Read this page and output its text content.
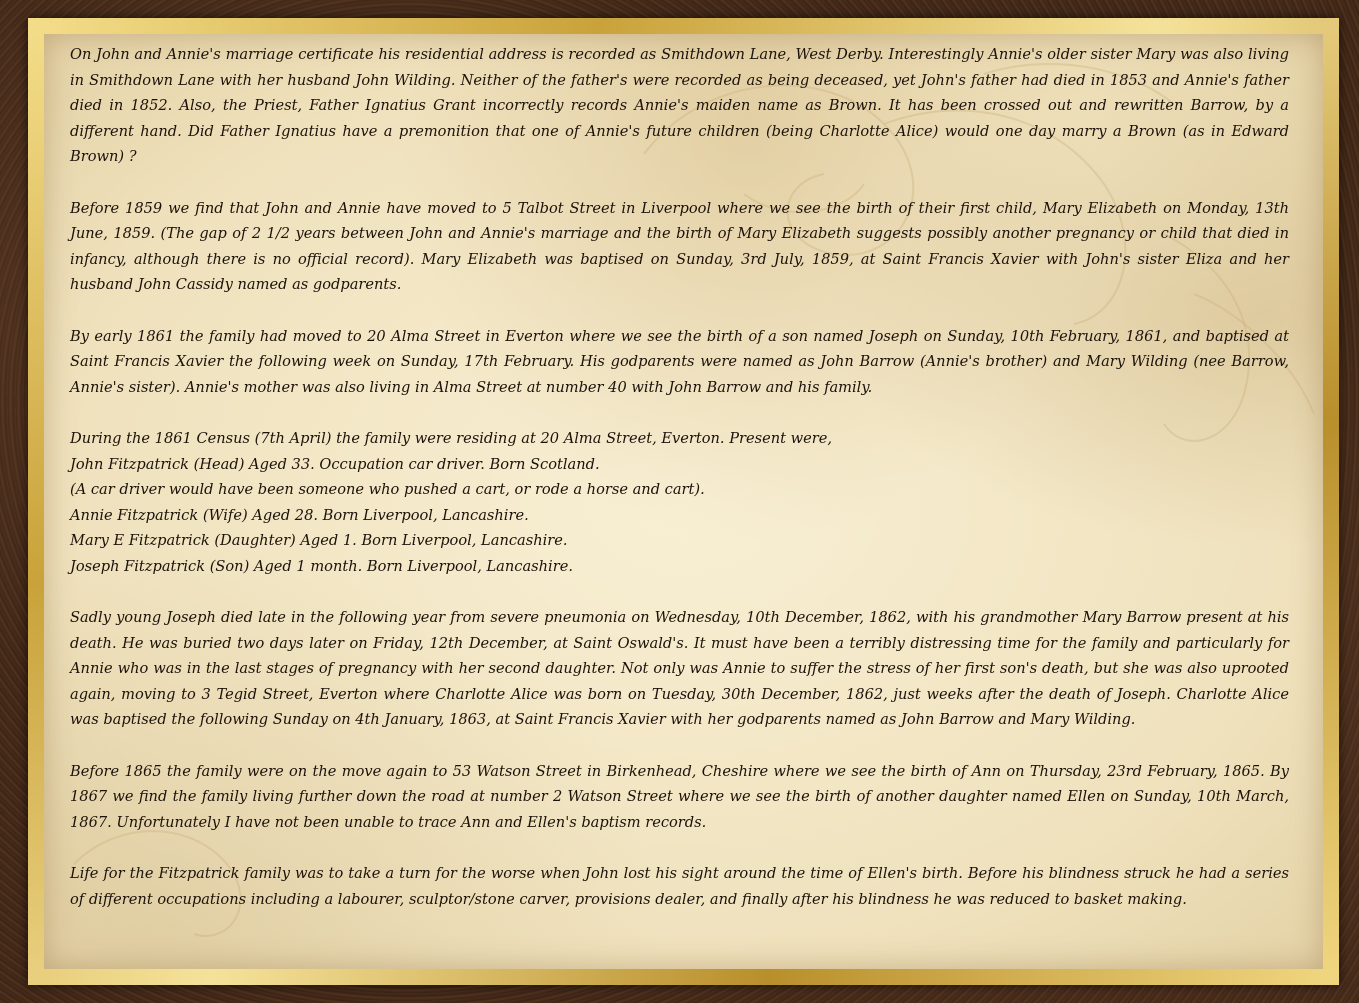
On John and Annie's marriage certificate his residential address is recorded as Smithdown Lane, West Derby. Interestingly Annie's older sister Mary was also living in Smithdown Lane with her husband John Wilding. Neither of the father's were recorded as being deceased, yet John's father had died in 1853 and Annie's father died in 1852. Also, the Priest, Father Ignatius Grant incorrectly records Annie's maiden name as Brown. It has been crossed out and rewritten Barrow, by a different hand. Did Father Ignatius have a premonition that one of Annie's future children (being Charlotte Alice) would one day marry a Brown (as in Edward Brown) ?

Before 1859 we find that John and Annie have moved to 5 Talbot Street in Liverpool where we see the birth of their first child, Mary Elizabeth on Monday, 13th June, 1859. (The gap of 2 1/2 years between John and Annie's marriage and the birth of Mary Elizabeth suggests possibly another pregnancy or child that died in infancy, although there is no official record). Mary Elizabeth was baptised on Sunday, 3rd July, 1859, at Saint Francis Xavier with John's sister Eliza and her husband John Cassidy named as godparents.

By early 1861 the family had moved to 20 Alma Street in Everton where we see the birth of a son named Joseph on Sunday, 10th February, 1861, and baptised at Saint Francis Xavier the following week on Sunday, 17th February. His godparents were named as John Barrow (Annie's brother) and Mary Wilding (nee Barrow, Annie's sister). Annie's mother was also living in Alma Street at number 40 with John Barrow and his family.

During the 1861 Census (7th April) the family were residing at 20 Alma Street, Everton. Present were,
John Fitzpatrick (Head) Aged 33. Occupation car driver. Born Scotland.
(A car driver would have been someone who pushed a cart, or rode a horse and cart).
Annie Fitzpatrick (Wife) Aged 28. Born Liverpool, Lancashire.
Mary E Fitzpatrick (Daughter) Aged 1. Born Liverpool, Lancashire.
Joseph Fitzpatrick (Son) Aged 1 month. Born Liverpool, Lancashire.

Sadly young Joseph died late in the following year from severe pneumonia on Wednesday, 10th December, 1862, with his grandmother Mary Barrow present at his death. He was buried two days later on Friday, 12th December, at Saint Oswald's. It must have been a terribly distressing time for the family and particularly for Annie who was in the last stages of pregnancy with her second daughter. Not only was Annie to suffer the stress of her first son's death, but she was also uprooted again, moving to 3 Tegid Street, Everton where Charlotte Alice was born on Tuesday, 30th December, 1862, just weeks after the death of Joseph. Charlotte Alice was baptised the following Sunday on 4th January, 1863, at Saint Francis Xavier with her godparents named as John Barrow and Mary Wilding.

Before 1865 the family were on the move again to 53 Watson Street in Birkenhead, Cheshire where we see the birth of Ann on Thursday, 23rd February, 1865. By 1867 we find the family living further down the road at number 2 Watson Street where we see the birth of another daughter named Ellen on Sunday, 10th March, 1867. Unfortunately I have not been unable to trace Ann and Ellen's baptism records.

Life for the Fitzpatrick family was to take a turn for the worse when John lost his sight around the time of Ellen's birth. Before his blindness struck he had a series of different occupations including a labourer, sculptor/stone carver, provisions dealer, and finally after his blindness he was reduced to basket making.
